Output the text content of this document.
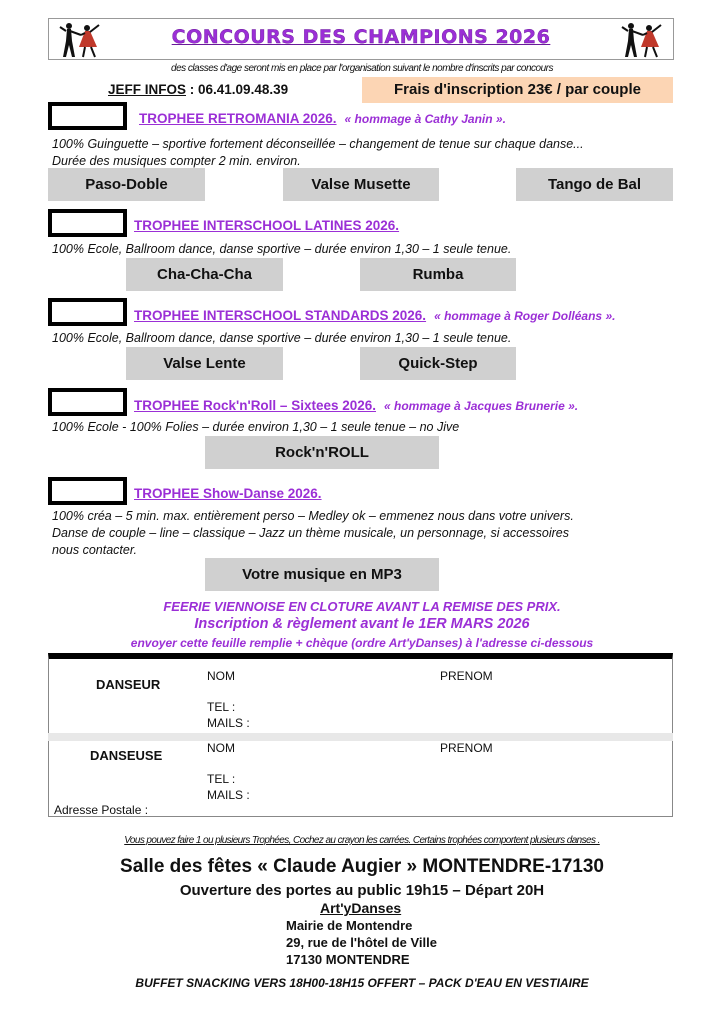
CONCOURS DES CHAMPIONS 2026
des classes d'age seront mis en place par l'organisation suivant le nombre d'inscrits par concours
JEFF INFOS : 06.41.09.48.39	Frais d'inscription 23€ / par couple
TROPHEE RETROMANIA 2026. « hommage à Cathy Janin ».
100% Guinguette – sportive fortement déconseillée – changement de tenue sur chaque danse...
Durée des musiques compter 2 min. environ.
Paso-Doble	Valse Musette	Tango de Bal
TROPHEE INTERSCHOOL LATINES 2026.
100% Ecole, Ballroom dance, danse sportive – durée environ 1,30 – 1 seule tenue.
Cha-Cha-Cha	Rumba
TROPHEE INTERSCHOOL STANDARDS 2026. « hommage à Roger Dolléans ».
100% Ecole, Ballroom dance, danse sportive – durée environ 1,30 – 1 seule tenue.
Valse Lente	Quick-Step
TROPHEE Rock'n'Roll – Sixtees 2026. « hommage à Jacques Brunerie ».
100% Ecole - 100% Folies – durée environ 1,30 – 1 seule tenue – no Jive
Rock'n'ROLL
TROPHEE Show-Danse 2026.
100% créa – 5 min. max. entièrement perso – Medley ok – emmenez nous dans votre univers.
Danse de couple – line – classique – Jazz un thème musicale, un personnage, si accessoires
nous contacter.
Votre musique en MP3
FEERIE VIENNOISE EN CLOTURE AVANT LA REMISE DES PRIX.
Inscription & règlement avant le 1ER MARS 2026
envoyer cette feuille remplie + chèque (ordre Art'yDanses) à l'adresse ci-dessous
DANSEUR
NOM	PRENOM
TEL :
MAILS :
DANSEUSE	NOM	PRENOM
TEL :
MAILS :
Adresse Postale :
Vous pouvez faire 1 ou plusieurs Trophées, Cochez au crayon les carrées. Certains trophées comportent plusieurs danses .
Salle des fêtes « Claude Augier » MONTENDRE-17130
Ouverture des portes au public 19h15 – Départ 20H
Art'yDanses
Mairie de Montendre
29, rue de l'hôtel de Ville
17130 MONTENDRE
BUFFET SNACKING VERS 18H00-18H15 OFFERT – PACK D'EAU EN VESTIAIRE
